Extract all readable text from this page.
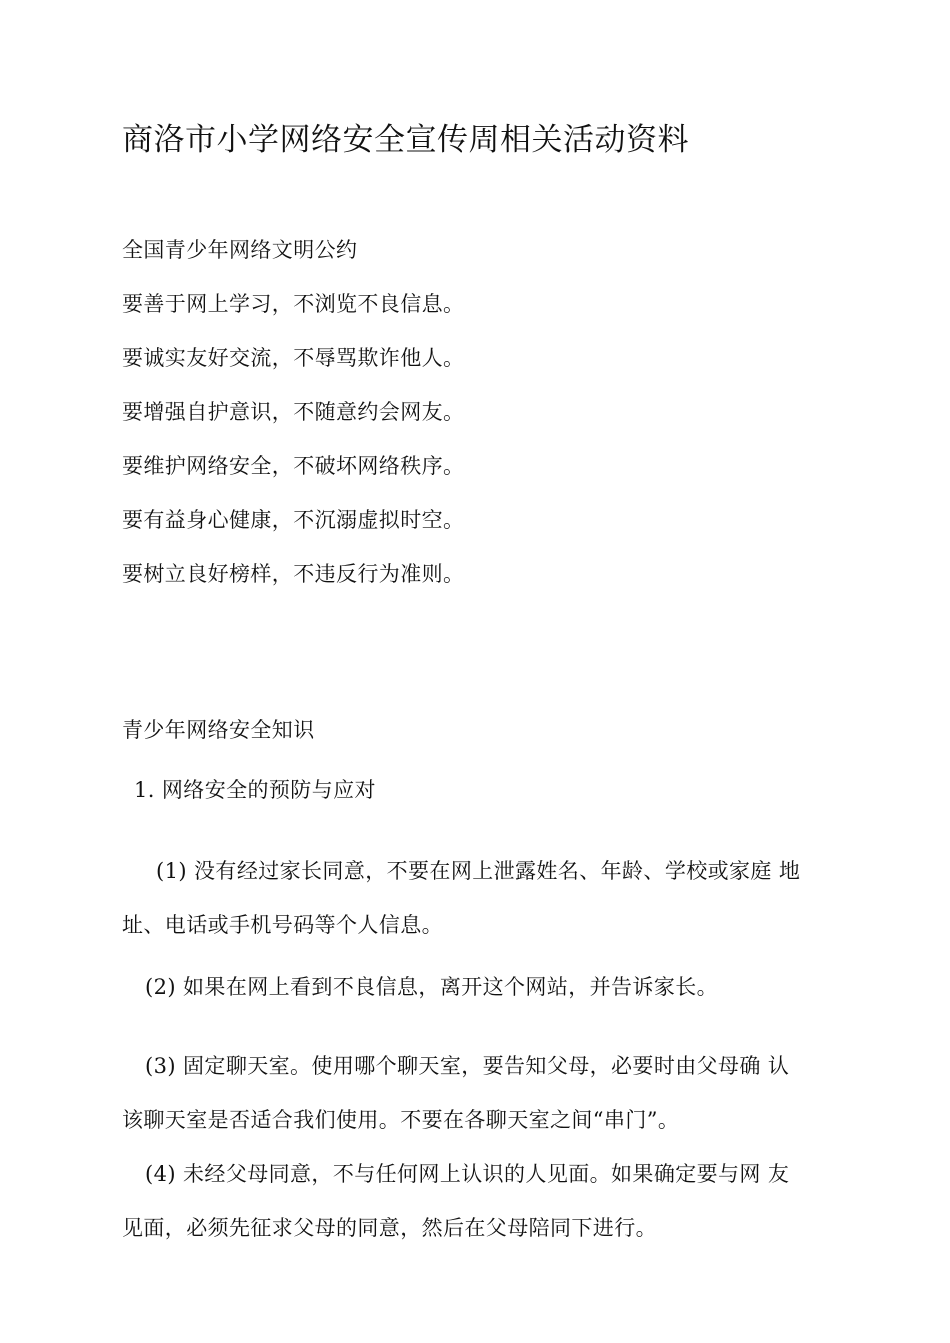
商洛市小学网络安全宣传周相关活动资料

全国青少年网络文明公约

要善于网上学习，不浏览不良信息。

要诚实友好交流，不辱骂欺诈他人。

要增强自护意识，不随意约会网友。

要维护网络安全，不破坏网络秩序。

要有益身心健康，不沉溺虚拟时空。

要树立良好榜样，不违反行为准则。

青少年网络安全知识

1. 网络安全的预防与应对

(1) 没有经过家长同意，不要在网上泄露姓名、年龄、学校或家庭 地
址、电话或手机号码等个人信息。
(2) 如果在网上看到不良信息，离开这个网站，并告诉家长。
(3) 固定聊天室。使用哪个聊天室，要告知父母，必要时由父母确 认
该聊天室是否适合我们使用。不要在各聊天室之间“串门”。
(4) 未经父母同意，不与任何网上认识的人见面。如果确定要与网 友
见面，必须先征求父母的同意，然后在父母陪同下进行。
